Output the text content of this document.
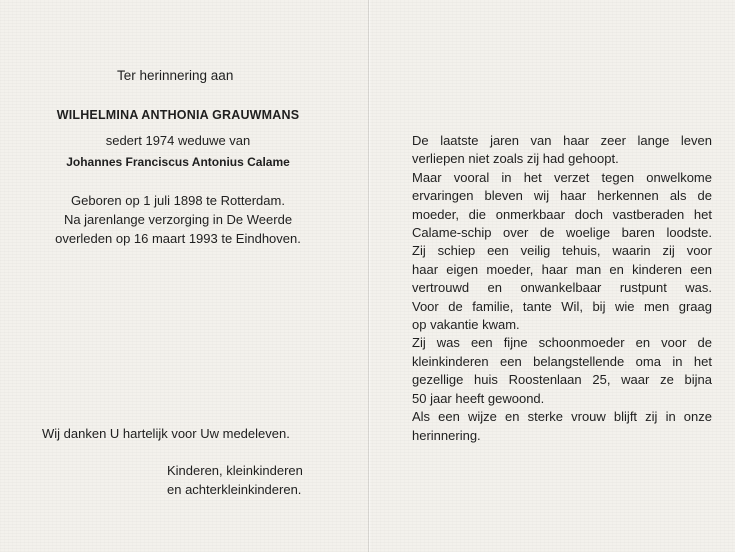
Ter herinnering aan
WILHELMINA ANTHONIA GRAUWMANS
sedert 1974 weduwe van
Johannes Franciscus Antonius Calame
Geboren op 1 juli 1898 te Rotterdam.
Na jarenlange verzorging in De Weerde
overleden op 16 maart 1993 te Eindhoven.
Wij danken U hartelijk voor Uw medeleven.
Kinderen, kleinkinderen
en achterkleinkinderen.
De laatste jaren van haar zeer lange leven
verliepen niet zoals zij had gehoopt.
Maar vooral in het verzet tegen onwelkome
ervaringen bleven wij haar herkennen als de
moeder, die onmerkbaar doch vastberaden het
Calame-schip over de woelige baren loodste.
Zij schiep een veilig tehuis, waarin zij voor
haar eigen moeder, haar man en kinderen een
vertrouwd en onwankelbaar rustpunt was.
Voor de familie, tante Wil, bij wie men graag
op vakantie kwam.
Zij was een fijne schoonmoeder en voor de
kleinkinderen een belangstellende oma in het
gezellige huis Roostenlaan 25, waar ze bijna
50 jaar heeft gewoond.
Als een wijze en sterke vrouw blijft zij in onze
herinnering.
